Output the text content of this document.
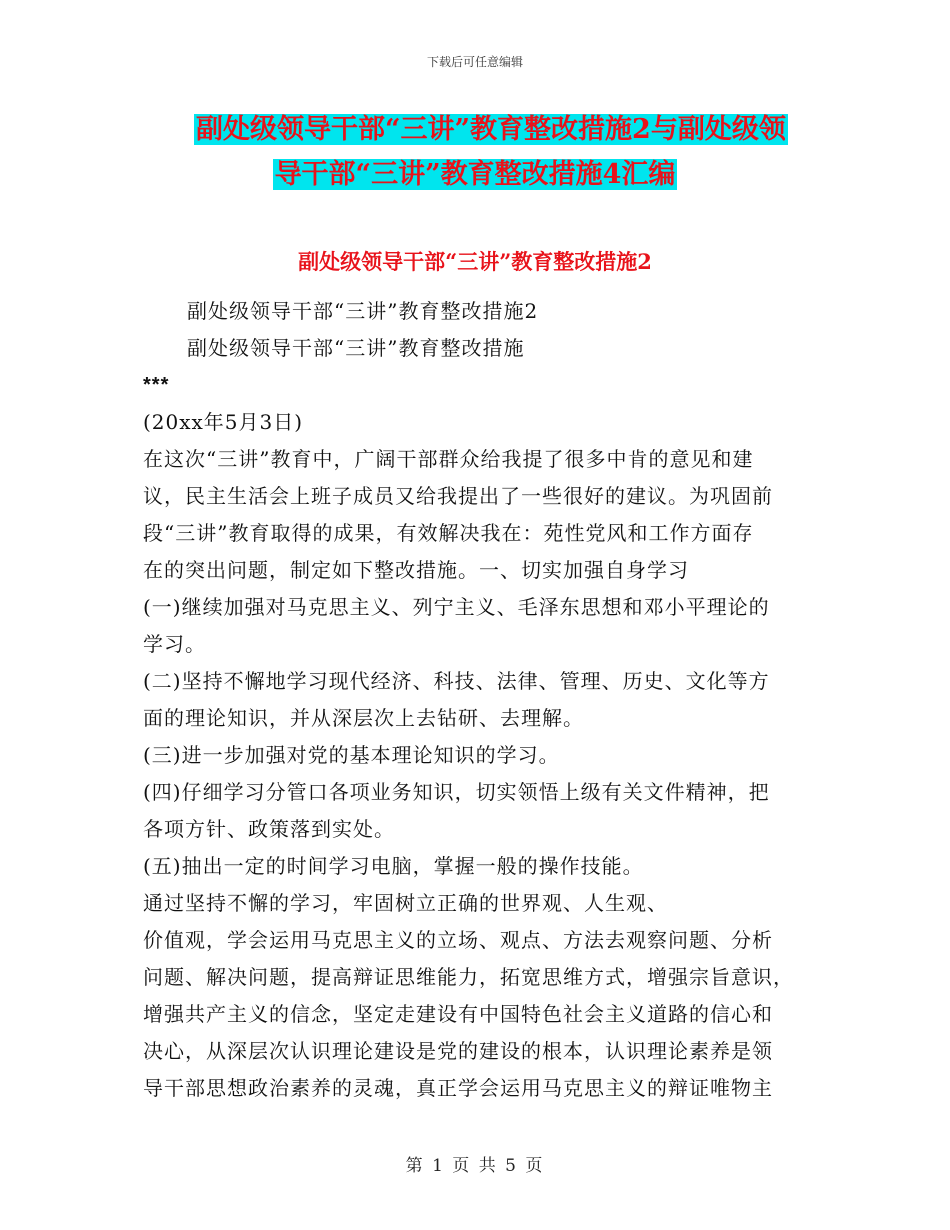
下载后可任意编辑
副处级领导干部“三讲”教育整改措施2与副处级领
导干部“三讲”教育整改措施4汇编
副处级领导干部“三讲”教育整改措施2
副处级领导干部“三讲”教育整改措施2
副处级领导干部“三讲”教育整改措施
***
(20xx年5月3日)
在这次“三讲”教育中，广阔干部群众给我提了很多中肯的意见和建
议，民主生活会上班子成员又给我提出了一些很好的建议。为巩固前
段“三讲”教育取得的成果，有效解决我在：苑性党风和工作方面存
在的突出问题，制定如下整改措施。一、切实加强自身学习
(一)继续加强对马克思主义、列宁主义、毛泽东思想和邓小平理论的
学习。
(二)坚持不懈地学习现代经济、科技、法律、管理、历史、文化等方
面的理论知识，并从深层次上去钻研、去理解。
(三)进一步加强对党的基本理论知识的学习。
(四)仔细学习分管口各项业务知识，切实领悟上级有关文件精神，把
各项方针、政策落到实处。
(五)抽出一定的时间学习电脑，掌握一般的操作技能。
通过坚持不懈的学习，牢固树立正确的世界观、人生观、
价值观，学会运用马克思主义的立场、观点、方法去观察问题、分析
问题、解决问题，提高辩证思维能力，拓宽思维方式，增强宗旨意识，
增强共产主义的信念，坚定走建设有中国特色社会主义道路的信心和
决心，从深层次认识理论建设是党的建设的根本，认识理论素养是领
导干部思想政治素养的灵魂，真正学会运用马克思主义的辩证唯物主
第 1 页 共 5 页
